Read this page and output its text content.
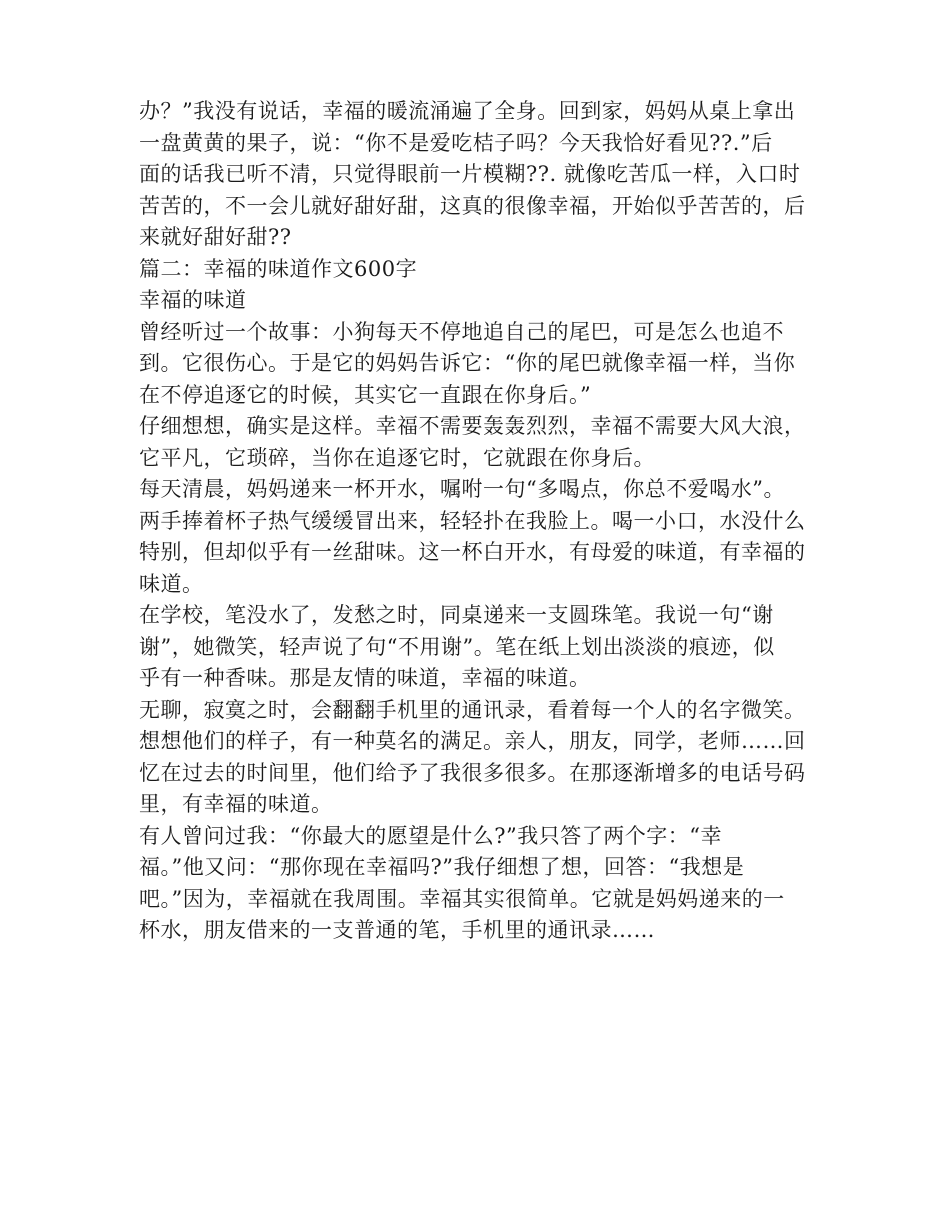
办？”我没有说话，幸福的暖流涌遍了全身。回到家，妈妈从桌上拿出
一盘黄黄的果子，说：“你不是爱吃桔子吗？今天我恰好看见??.”后
面的话我已听不清，只觉得眼前一片模糊??. 就像吃苦瓜一样，入口时
苦苦的，不一会儿就好甜好甜，这真的很像幸福，开始似乎苦苦的，后
来就好甜好甜??
篇二：幸福的味道作文600字
幸福的味道
曾经听过一个故事：小狗每天不停地追自己的尾巴，可是怎么也追不
到。它很伤心。于是它的妈妈告诉它：“你的尾巴就像幸福一样，当你
在不停追逐它的时候，其实它一直跟在你身后。”
仔细想想，确实是这样。幸福不需要轰轰烈烈，幸福不需要大风大浪，
它平凡，它琐碎，当你在追逐它时，它就跟在你身后。
每天清晨，妈妈递来一杯开水，嘱咐一句“多喝点，你总不爱喝水”。
两手捧着杯子热气缓缓冒出来，轻轻扑在我脸上。喝一小口，水没什么
特别，但却似乎有一丝甜味。这一杯白开水，有母爱的味道，有幸福的
味道。
在学校，笔没水了，发愁之时，同桌递来一支圆珠笔。我说一句“谢
谢”，她微笑，轻声说了句“不用谢”。笔在纸上划出淡淡的痕迹，似
乎有一种香味。那是友情的味道，幸福的味道。
无聊，寂寞之时，会翻翻手机里的通讯录，看着每一个人的名字微笑。
想想他们的样子，有一种莫名的满足。亲人，朋友，同学，老师……回
忆在过去的时间里，他们给予了我很多很多。在那逐渐增多的电话号码
里，有幸福的味道。
有人曾问过我：“你最大的愿望是什么?”我只答了两个字：“幸
福。”他又问：“那你现在幸福吗?”我仔细想了想，回答：“我想是
吧。”因为，幸福就在我周围。幸福其实很简单。它就是妈妈递来的一
杯水，朋友借来的一支普通的笔，手机里的通讯录……
